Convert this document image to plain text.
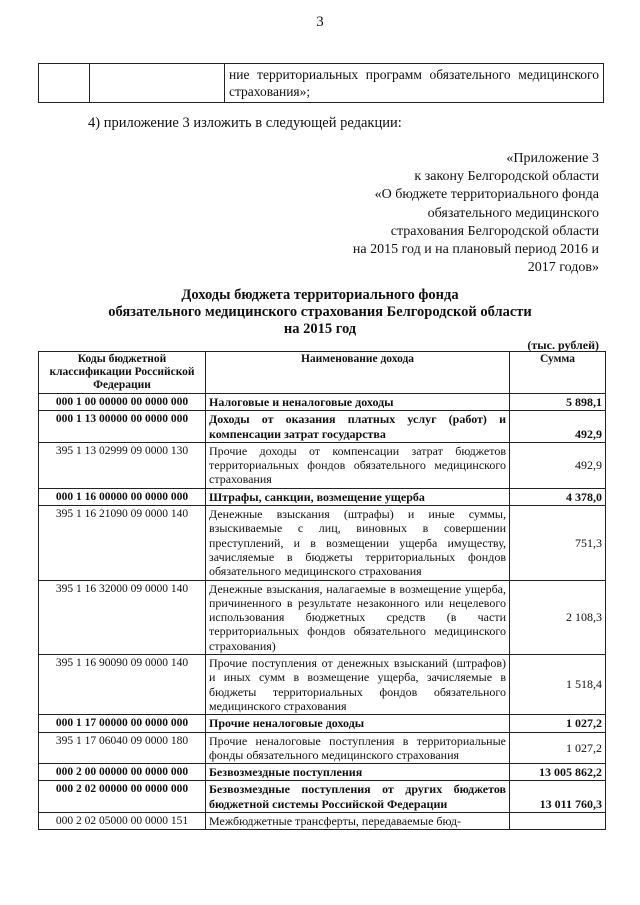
3
		ние территориальных программ обязательного медицинского страхования»;
4) приложение 3 изложить в следующей редакции:
«Приложение 3
к закону Белгородской области
«О бюджете территориального фонда
обязательного медицинского
страхования Белгородской области
на 2015 год и на плановый период 2016 и
2017 годов»
Доходы бюджета территориального фонда
обязательного медицинского страхования Белгородской области
на 2015 год
(тыс. рублей)
Коды бюджетной классификации Российской Федерации	Наименование дохода	Сумма
000 1 00 00000 00 0000 000	Налоговые и неналоговые доходы	5 898,1
000 1 13 00000 00 0000 000	Доходы от оказания платных услуг (работ) и компенсации затрат государства	492,9
395 1 13 02999 09 0000 130	Прочие доходы от компенсации затрат бюджетов территориальных фондов обязательного медицинского страхования	492,9
000 1 16 00000 00 0000 000	Штрафы, санкции, возмещение ущерба	4 378,0
395 1 16 21090 09 0000 140	Денежные взыскания (штрафы) и иные суммы, взыскиваемые с лиц, виновных в совершении преступлений, и в возмещении ущерба имуществу, зачисляемые в бюджеты территориальных фондов обязательного медицинского страхования	751,3
395 1 16 32000 09 0000 140	Денежные взыскания, налагаемые в возмещение ущерба, причиненного в результате незаконного или нецелевого использования бюджетных средств (в части территориальных фондов обязательного медицинского страхования)	2 108,3
395 1 16 90090 09 0000 140	Прочие поступления от денежных взысканий (штрафов) и иных сумм в возмещение ущерба, зачисляемые в бюджеты территориальных фондов обязательного медицинского страхования	1 518,4
000 1 17 00000 00 0000 000	Прочие неналоговые доходы	1 027,2
395 1 17 06040 09 0000 180	Прочие неналоговые поступления в территориальные фонды обязательного медицинского страхования	1 027,2
000 2 00 00000 00 0000 000	Безвозмездные поступления	13 005 862,2
000 2 02 00000 00 0000 000	Безвозмездные поступления от других бюджетов бюджетной системы Российской Федерации	13 011 760,3
000 2 02 05000 00 0000 151	Межбюджетные трансферты, передаваемые бюд-	
